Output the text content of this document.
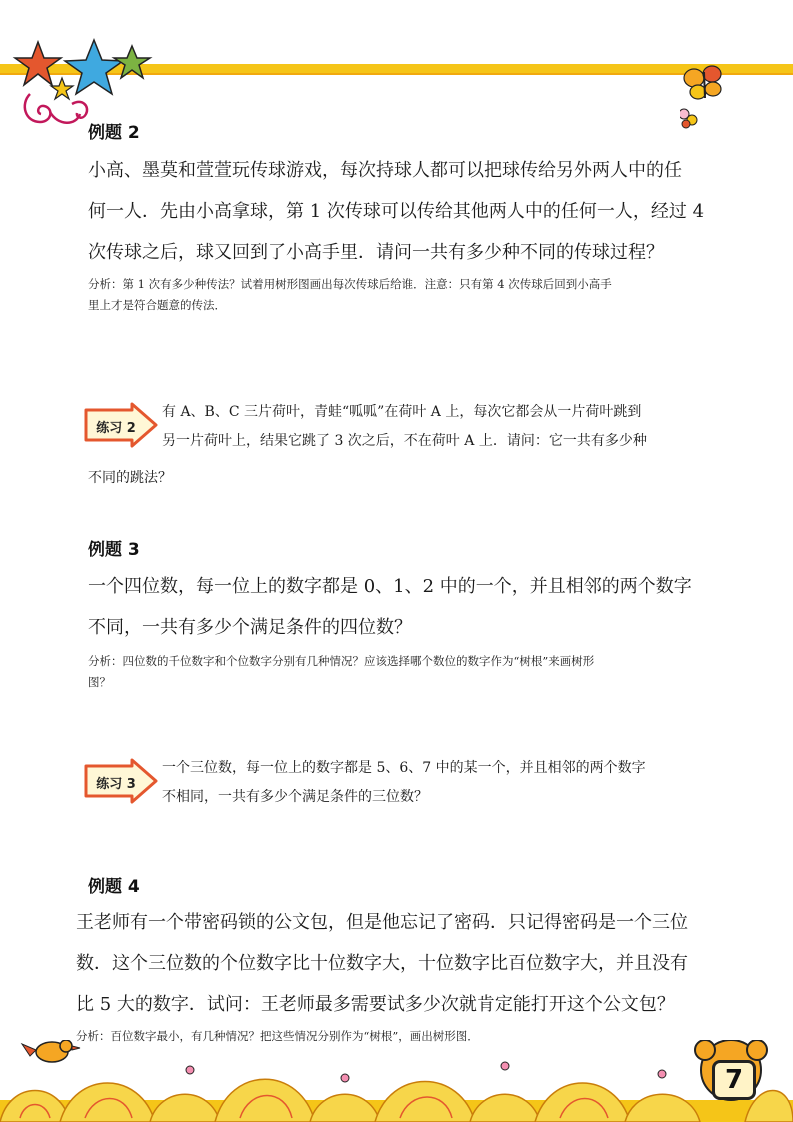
例题 2

小高、墨莫和萱萱玩传球游戏，每次持球人都可以把球传给另外两人中的任
何一人．先由小高拿球，第 1 次传球可以传给其他两人中的任何一人，经过 4
次传球之后，球又回到了小高手里．请问一共有多少种不同的传球过程？

分析：第 1 次有多少种传法？试着用树形图画出每次传球后给谁．注意：只有第 4 次传球后回到小高手
里上才是符合题意的传法．

练习 2

有 A、B、C 三片荷叶，青蛙“呱呱”在荷叶 A 上，每次它都会从一片荷叶跳到
另一片荷叶上，结果它跳了 3 次之后，不在荷叶 A 上．请问：它一共有多少种

不同的跳法？

例题 3

一个四位数，每一位上的数字都是 0、1、2 中的一个，并且相邻的两个数字
不同，一共有多少个满足条件的四位数？

分析：四位数的千位数字和个位数字分别有几种情况？应该选择哪个数位的数字作为“树根”来画树形
图？

练习 3

一个三位数，每一位上的数字都是 5、6、7 中的某一个，并且相邻的两个数字
不相同，一共有多少个满足条件的三位数？

例题 4

王老师有一个带密码锁的公文包，但是他忘记了密码．只记得密码是一个三位
数．这个三位数的个位数字比十位数字大，十位数字比百位数字大，并且没有
比 5 大的数字．试问：王老师最多需要试多少次就肯定能打开这个公文包？

分析：百位数字最小，有几种情况？把这些情况分别作为“树根”，画出树形图．

7
